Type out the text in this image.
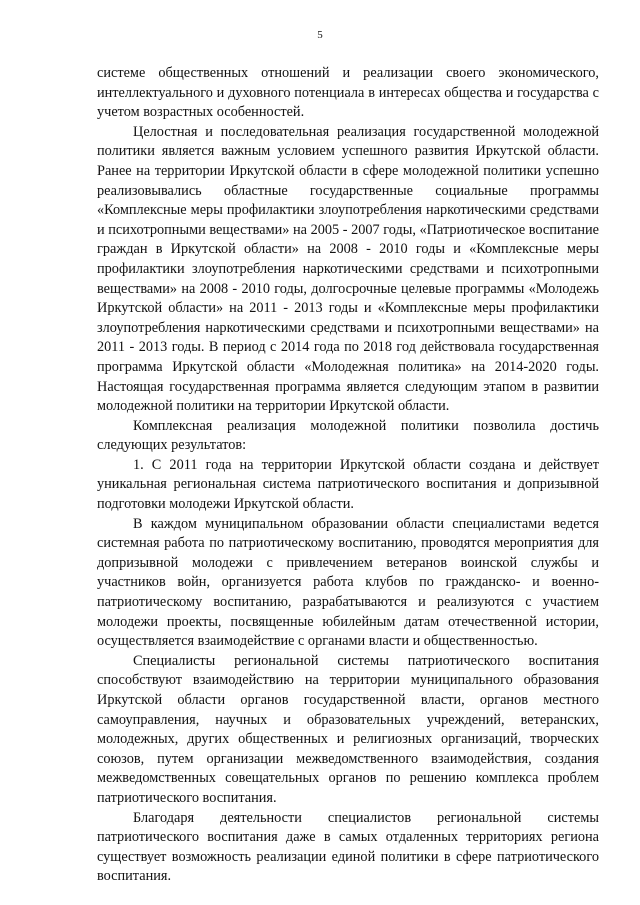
5

системе общественных отношений и реализации своего экономического, интеллектуального и духовного потенциала в интересах общества и государства с учетом возрастных особенностей.

Целостная и последовательная реализация государственной молодежной политики является важным условием успешного развития Иркутской области. Ранее на территории Иркутской области в сфере молодежной политики успешно реализовывались областные государственные социальные программы «Комплексные меры профилактики злоупотребления наркотическими средствами и психотропными веществами» на 2005 - 2007 годы, «Патриотическое воспитание граждан в Иркутской области» на 2008 - 2010 годы и «Комплексные меры профилактики злоупотребления наркотическими средствами и психотропными веществами» на 2008 - 2010 годы, долгосрочные целевые программы «Молодежь Иркутской области» на 2011 - 2013 годы и «Комплексные меры профилактики злоупотребления наркотическими средствами и психотропными веществами» на 2011 - 2013 годы. В период с 2014 года по 2018 год действовала государственная программа Иркутской области «Молодежная политика» на 2014-2020 годы. Настоящая государственная программа является следующим этапом в развитии молодежной политики на территории Иркутской области.

Комплексная реализация молодежной политики позволила достичь следующих результатов:

1. С 2011 года на территории Иркутской области создана и действует уникальная региональная система патриотического воспитания и допризывной подготовки молодежи Иркутской области.

В каждом муниципальном образовании области специалистами ведется системная работа по патриотическому воспитанию, проводятся мероприятия для допризывной молодежи с привлечением ветеранов воинской службы и участников войн, организуется работа клубов по гражданско- и военно-патриотическому воспитанию, разрабатываются и реализуются с участием молодежи проекты, посвященные юбилейным датам отечественной истории, осуществляется взаимодействие с органами власти и общественностью.

Специалисты региональной системы патриотического воспитания способствуют взаимодействию на территории муниципального образования Иркутской области органов государственной власти, органов местного самоуправления, научных и образовательных учреждений, ветеранских, молодежных, других общественных и религиозных организаций, творческих союзов, путем организации межведомственного взаимодействия, создания межведомственных совещательных органов по решению комплекса проблем патриотического воспитания.

Благодаря деятельности специалистов региональной системы патриотического воспитания даже в самых отдаленных территориях региона существует возможность реализации единой политики в сфере патриотического воспитания.
